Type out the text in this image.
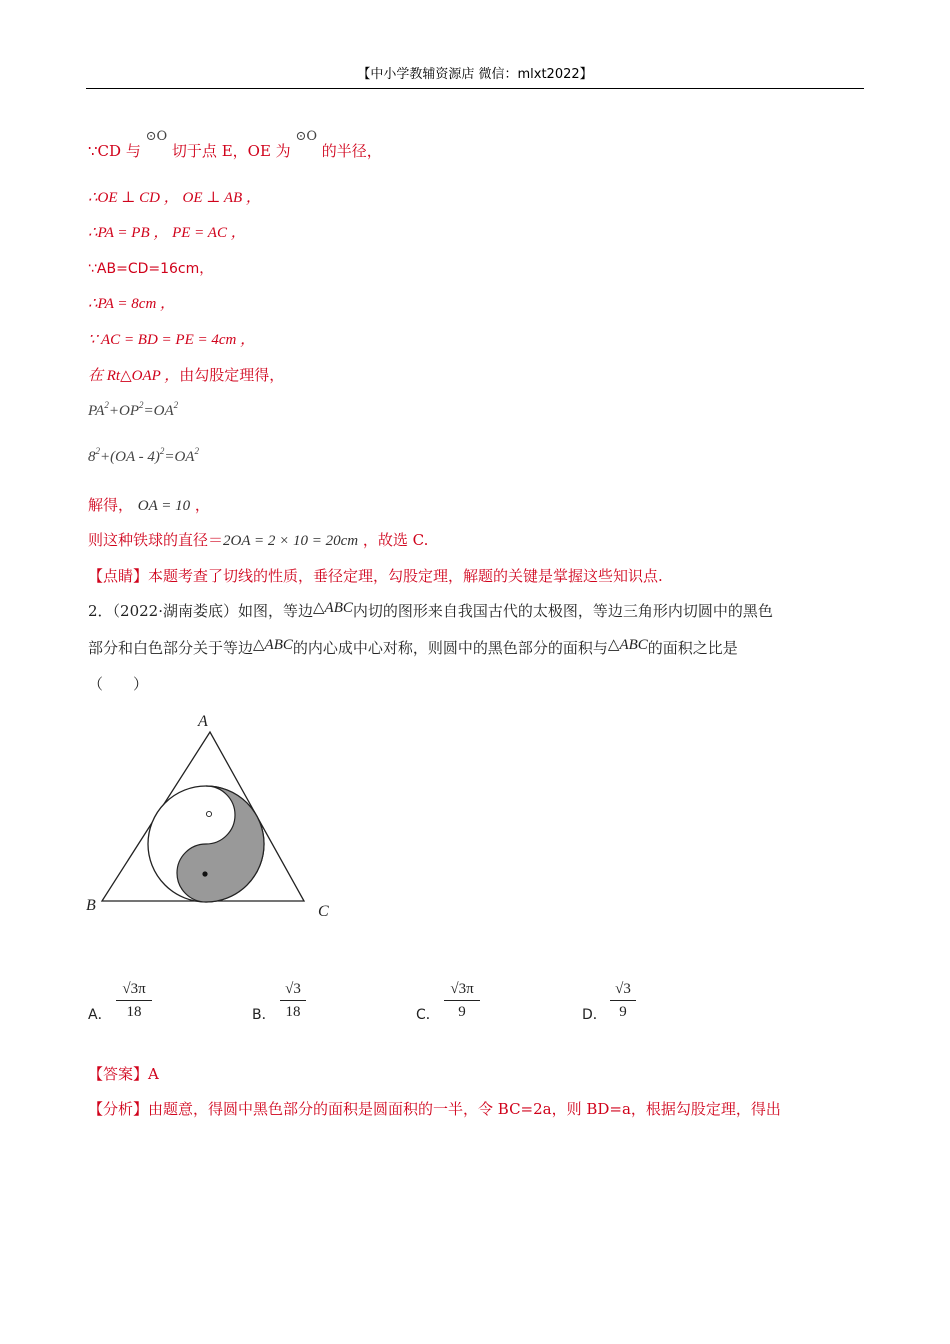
【中小学教辅资源店 微信：mlxt2022】
∵CD 与 ⊙O 切于点 E，OE 为 ⊙O 的半径，
∴OE ⊥ CD ， OE ⊥ AB ，
∴PA = PB ， PE = AC ，
∵AB=CD=16cm，
∴PA = 8cm ，
∵ AC = BD = PE = 4cm ，
在 Rt△OAP ，由勾股定理得，
$PA^2+OP^2=OA^2$
$8^2+(OA - 4)^2=OA^2$
解得， OA = 10 ，
则这种铁球的直径＝2OA = 2 × 10 = 20cm ，故选 C.
【点睛】本题考查了切线的性质，垂径定理，勾股定理，解题的关键是掌握这些知识点.
2．（2022·湖南娄底）如图，等边△ABC内切的图形来自我国古代的太极图，等边三角形内切圆中的黑色
部分和白色部分关于等边△ABC的内心成中心对称，则圆中的黑色部分的面积与△ABC的面积之比是
（　　）
A
B	C
A． $\frac{√3\pi}{18}$	B． $\frac{√3}{18}$	C． $\frac{√3\pi}{9}$	D． $\frac{√3}{9}$
【答案】A
【分析】由题意，得圆中黑色部分的面积是圆面积的一半，令 BC=2a，则 BD=a，根据勾股定理，得出
